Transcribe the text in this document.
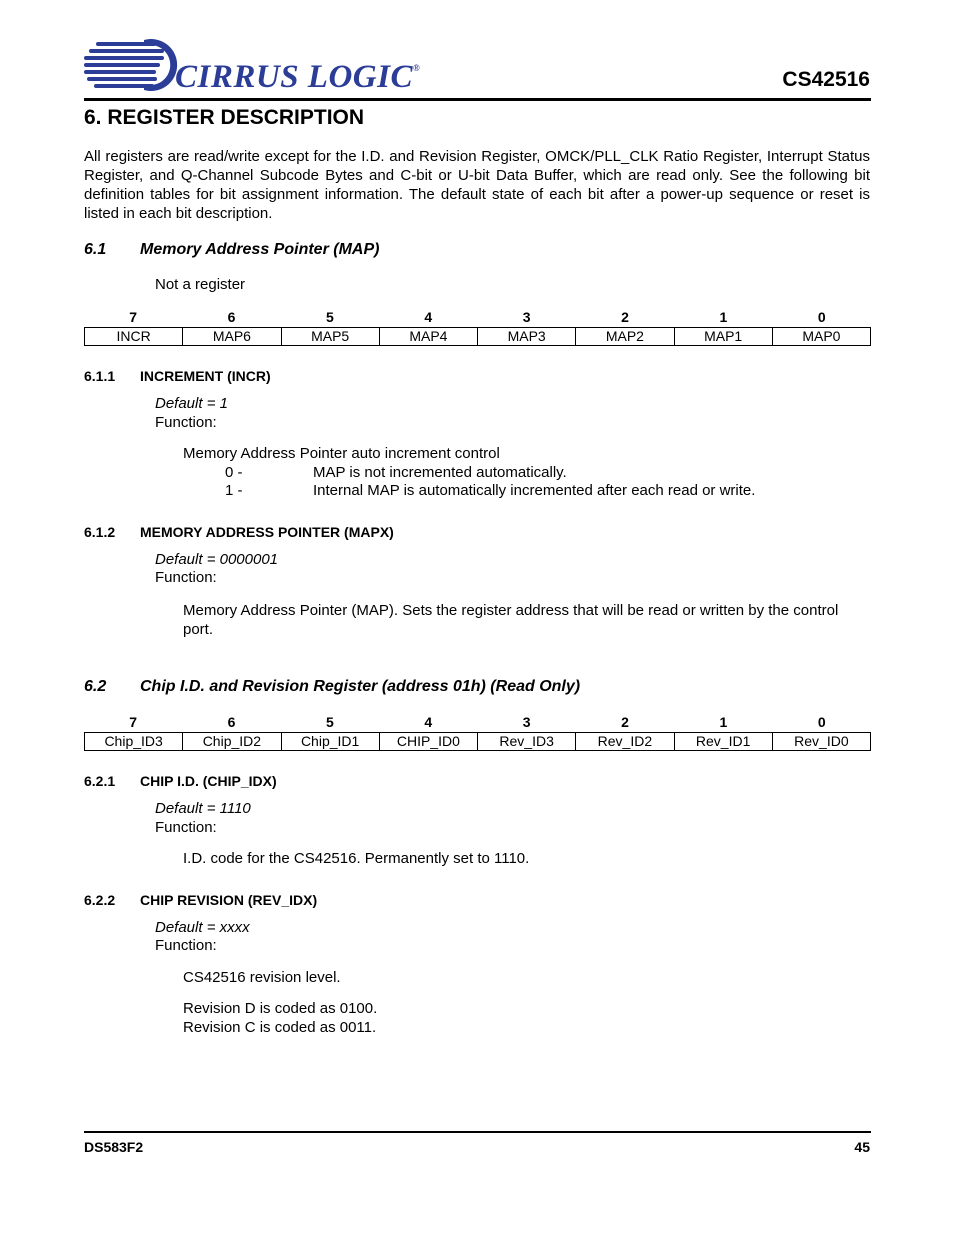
CIRRUS LOGIC®	CS42516
6. REGISTER DESCRIPTION
All registers are read/write except for the I.D. and Revision Register, OMCK/PLL_CLK Ratio Register, Interrupt Status Register, and Q-Channel Subcode Bytes and C-bit or U-bit Data Buffer, which are read only. See the following bit definition tables for bit assignment information. The default state of each bit after a power-up sequence or reset is listed in each bit description.
6.1 Memory Address Pointer (MAP)
Not a register
7	6	5	4	3	2	1	0
INCR	MAP6	MAP5	MAP4	MAP3	MAP2	MAP1	MAP0
6.1.1 INCREMENT (INCR)
Default = 1
Function:
Memory Address Pointer auto increment control
0 -	MAP is not incremented automatically.
1 -	Internal MAP is automatically incremented after each read or write.
6.1.2 MEMORY ADDRESS POINTER (MAPX)
Default = 0000001
Function:
Memory Address Pointer (MAP). Sets the register address that will be read or written by the control port.
6.2 Chip I.D. and Revision Register (address 01h) (Read Only)
7	6	5	4	3	2	1	0
Chip_ID3	Chip_ID2	Chip_ID1	CHIP_ID0	Rev_ID3	Rev_ID2	Rev_ID1	Rev_ID0
6.2.1 CHIP I.D. (CHIP_IDX)
Default = 1110
Function:
I.D. code for the CS42516. Permanently set to 1110.
6.2.2 CHIP REVISION (REV_IDX)
Default = xxxx
Function:
CS42516 revision level.
Revision D is coded as 0100.
Revision C is coded as 0011.
DS583F2	45
